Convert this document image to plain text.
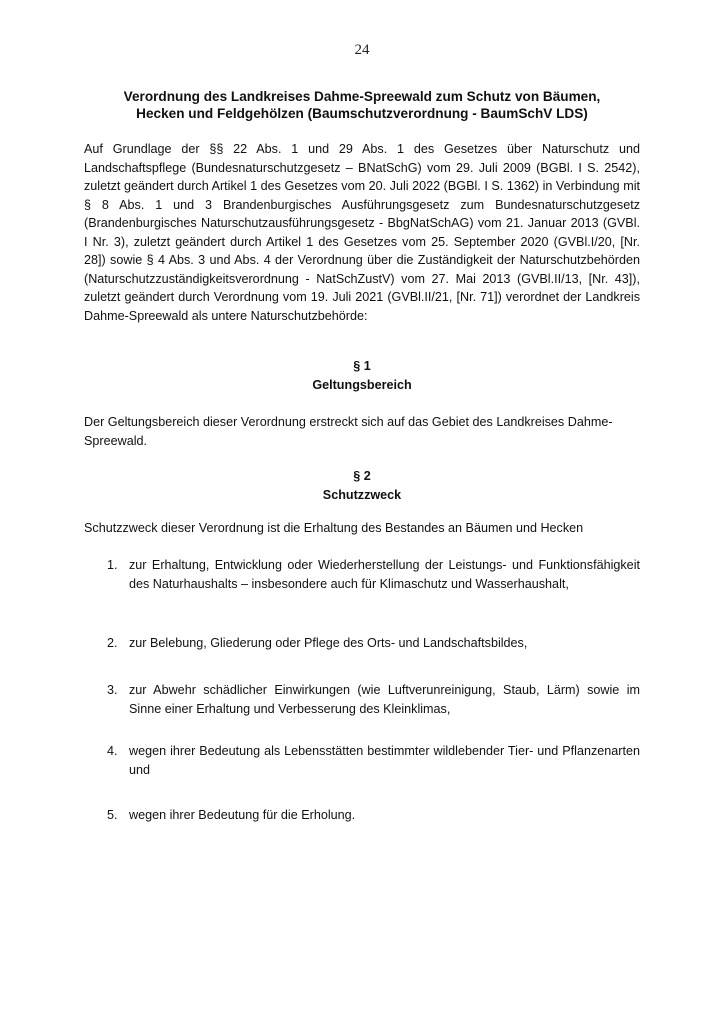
24
Verordnung des Landkreises Dahme-Spreewald zum Schutz von Bäumen,
Hecken und Feldgehölzen (Baumschutzverordnung - BaumSchV LDS)
Auf Grundlage der §§ 22 Abs. 1 und 29 Abs. 1 des Gesetzes über Naturschutz und Landschaftspflege (Bundesnaturschutzgesetz – BNatSchG) vom 29. Juli 2009 (BGBl. I S. 2542), zuletzt geändert durch Artikel 1 des Gesetzes vom 20. Juli 2022 (BGBl. I S. 1362) in Verbindung mit § 8 Abs. 1 und 3 Brandenburgisches Ausführungsgesetz zum Bundesnaturschutzgesetz (Brandenburgisches Naturschutzausführungsgesetz - BbgNatSchAG) vom 21. Januar 2013 (GVBl. I Nr. 3), zuletzt geändert durch Artikel 1 des Gesetzes vom 25. September 2020 (GVBl.I/20, [Nr. 28]) sowie § 4 Abs. 3 und Abs. 4 der Verordnung über die Zuständigkeit der Naturschutzbehörden (Naturschutzzuständigkeitsverordnung - NatSchZustV) vom 27. Mai 2013 (GVBl.II/13, [Nr. 43]), zuletzt geändert durch Verordnung vom 19. Juli 2021 (GVBl.II/21, [Nr. 71]) verordnet der Landkreis Dahme-Spreewald als untere Naturschutzbehörde:
§ 1
Geltungsbereich
Der Geltungsbereich dieser Verordnung erstreckt sich auf das Gebiet des Landkreises Dahme-Spreewald.
§ 2
Schutzzweck
Schutzzweck dieser Verordnung ist die Erhaltung des Bestandes an Bäumen und Hecken
1. zur Erhaltung, Entwicklung oder Wiederherstellung der Leistungs- und Funktionsfähigkeit des Naturhaushalts – insbesondere auch für Klimaschutz und Wasserhaushalt,
2. zur Belebung, Gliederung oder Pflege des Orts- und Landschaftsbildes,
3. zur Abwehr schädlicher Einwirkungen (wie Luftverunreinigung, Staub, Lärm) sowie im Sinne einer Erhaltung und Verbesserung des Kleinklimas,
4. wegen ihrer Bedeutung als Lebensstätten bestimmter wildlebender Tier- und Pflanzenarten und
5. wegen ihrer Bedeutung für die Erholung.
